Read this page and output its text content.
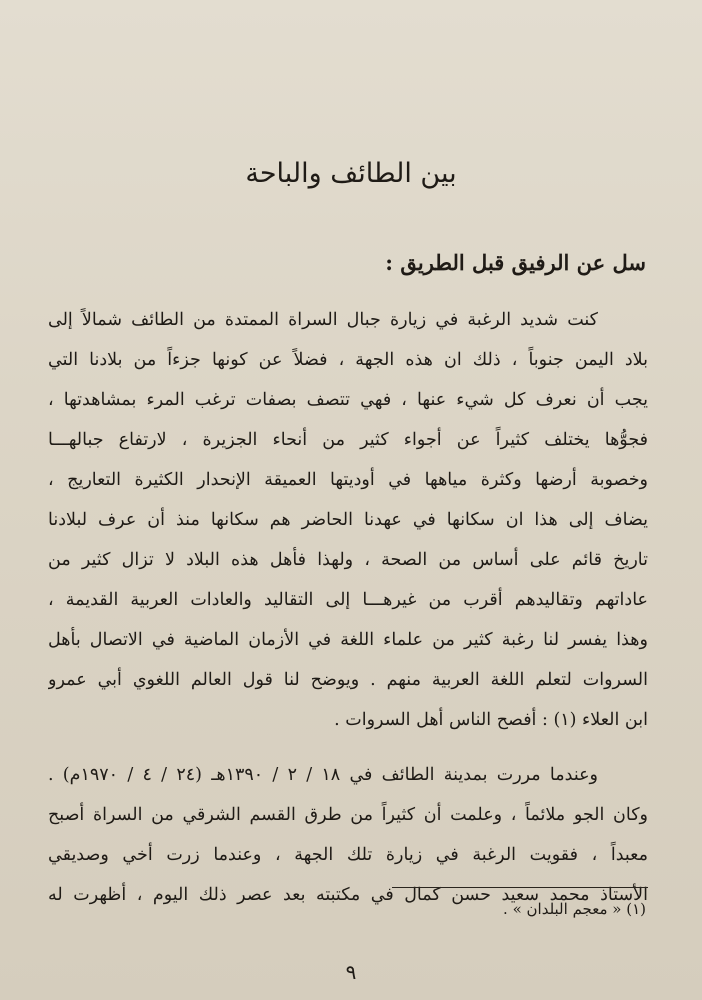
بين الطائف والباحة
سل عن الرفيق قبل الطريق :
كنت شديد الرغبة في زيارة جبال السراة الممتدة من الطائف شمالاً إلى
بلاد اليمن جنوباً ، ذلك ان هذه الجهة ، فضلاً عن كونها جزءاً من بلادنا التي
يجب أن نعرف كل شيء عنها ، فهي تتصف بصفات ترغب المرء بمشاهدتها ،
فجوُّها يختلف كثيراً عن أجواء كثير من أنحاء الجزيرة ، لارتفاع جبالهـــا
وخصوبة أرضها وكثرة مياهها في أوديتها العميقة الإنحدار الكثيرة التعاريج ،
يضاف إلى هذا ان سكانها في عهدنا الحاضر هم سكانها منذ أن عرف لبلادنا
تاريخ قائم على أساس من الصحة ، ولهذا فأهل هذه البلاد لا تزال كثير من
عاداتهم وتقاليدهم أقرب من غيرهـــا إلى التقاليد والعادات العربية القديمة ،
وهذا يفسر لنا رغبة كثير من علماء اللغة في الأزمان الماضية في الاتصال بأهل
السروات لتعلم اللغة العربية منهم . ويوضح لنا قول العالم اللغوي أبي عمرو
ابن العلاء (١) : أفصح الناس أهل السروات .
وعندما مررت بمدينة الطائف في ١٨ / ٢ / ١٣٩٠هـ (٢٤ / ٤ / ١٩٧٠م) .
وكان الجو ملائماً ، وعلمت أن كثيراً من طرق القسم الشرقي من السراة أصبح
معبداً ، فقويت الرغبة في زيارة تلك الجهة ، وعندما زرت أخي وصديقي
الأستاذ محمد سعيد حسن كمال في مكتبته بعد عصر ذلك اليوم ، أظهرت له
(١) « معجم البلدان » .
٩
